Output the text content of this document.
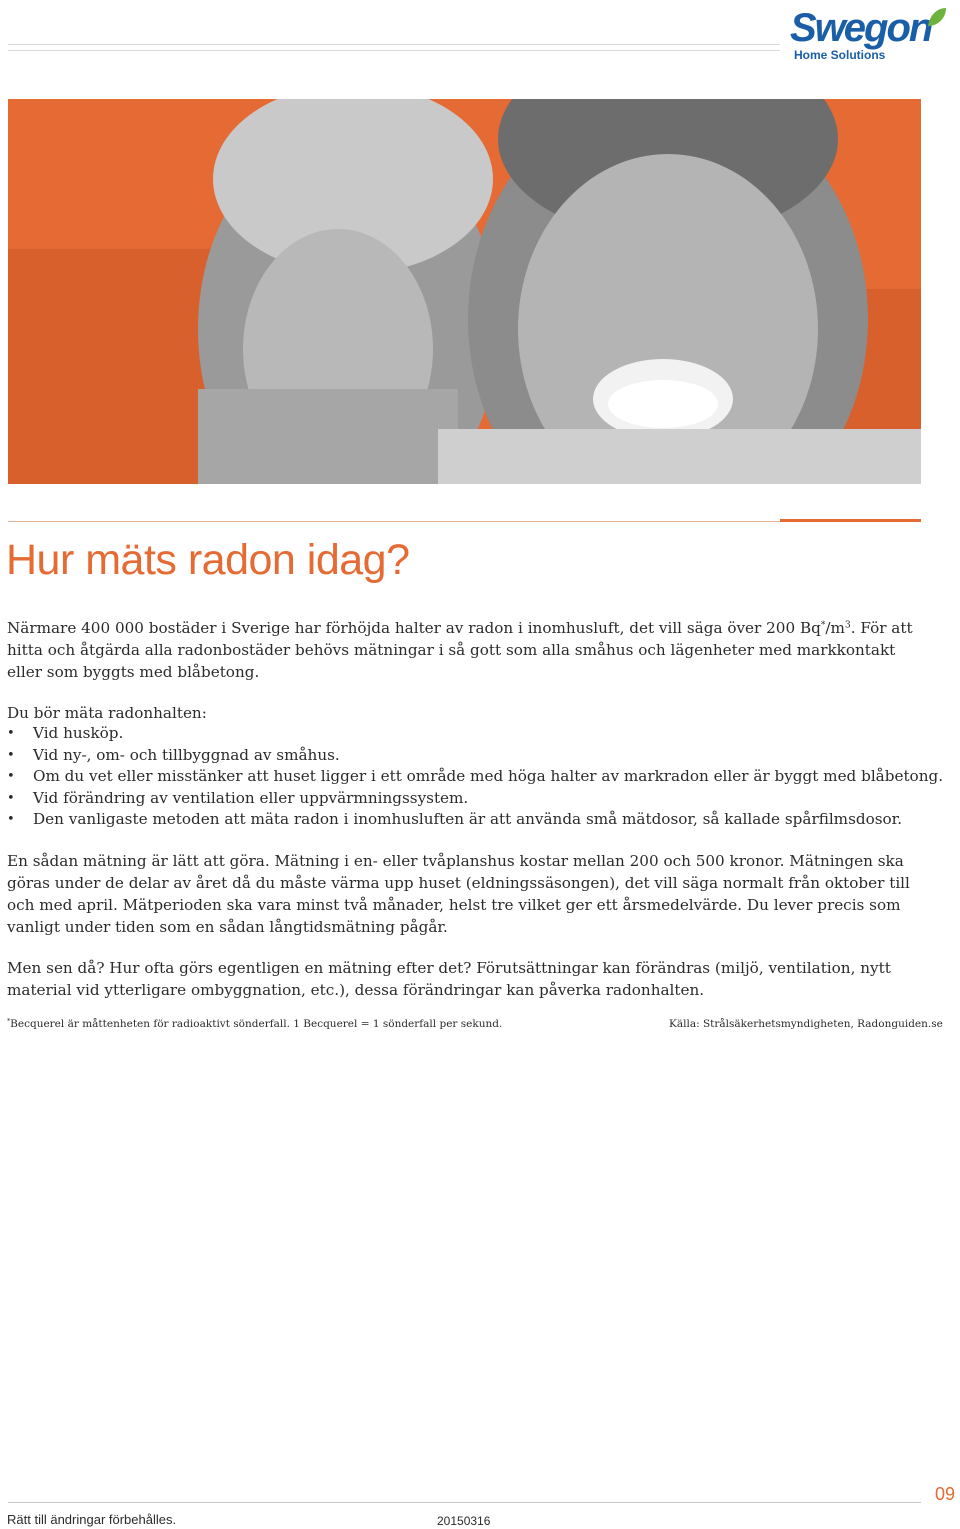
Swegon
Home Solutions
Hur mäts radon idag?
Närmare 400 000 bostäder i Sverige har förhöjda halter av radon i inomhusluft, det vill säga över 200 $Bq^*/m^3$. För att hitta och åtgärda alla radonbostäder behövs mätningar i så gott som alla småhus och lägenheter med markkontakt eller som byggts med blåbetong.
Du bör mäta radonhalten:
• Vid husköp.
• Vid ny-, om- och tillbyggnad av småhus.
• Om du vet eller misstänker att huset ligger i ett område med höga halter av markradon eller är byggt med blåbetong.
• Vid förändring av ventilation eller uppvärmningssystem.
• Den vanligaste metoden att mäta radon i inomhusluften är att använda små mätdosor, så kallade spårfilmsdosor.
En sådan mätning är lätt att göra. Mätning i en- eller tvåplanshus kostar mellan 200 och 500 kronor. Mätningen ska göras under de delar av året då du måste värma upp huset (eldningssäsongen), det vill säga normalt från oktober till och med april. Mätperioden ska vara minst två månader, helst tre vilket ger ett årsmedelvärde. Du lever precis som vanligt under tiden som en sådan långtidsmätning pågår.
Men sen då? Hur ofta görs egentligen en mätning efter det? Förutsättningar kan förändras (miljö, ventilation, nytt material vid ytterligare ombyggnation, etc.), dessa förändringar kan påverka radonhalten.
*Becquerel är måttenheten för radioaktivt sönderfall. 1 Becquerel = 1 sönderfall per sekund.	Källa: Strålsäkerhetsmyndigheten, Radonguiden.se
09
Rätt till ändringar förbehålles.	20150316
